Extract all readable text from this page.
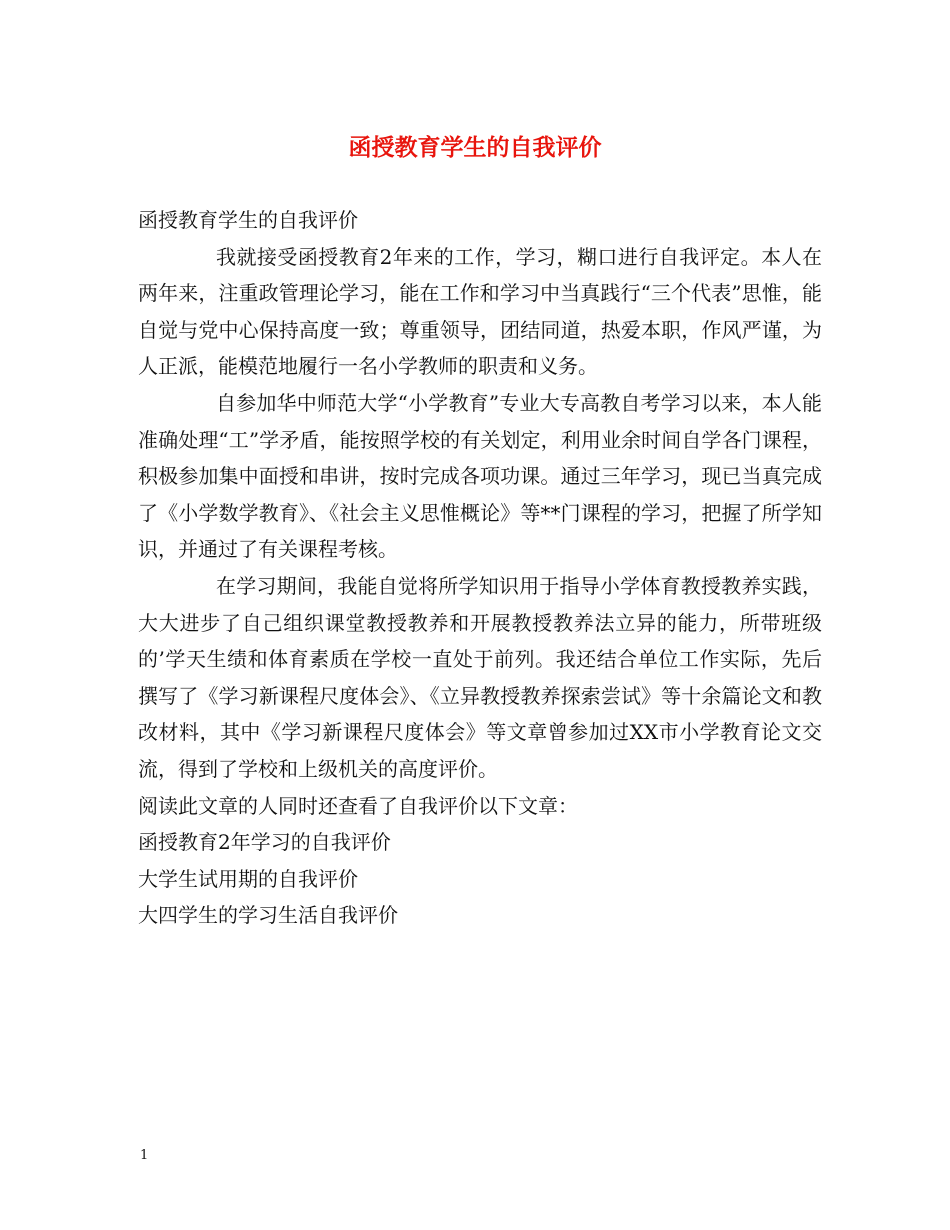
函授教育学生的自我评价

函授教育学生的自我评价

我就接受函授教育2年来的工作，学习，糊口进行自我评定。本人在两年来，注重政管理论学习，能在工作和学习中当真践行“三个代表”思惟，能自觉与党中心保持高度一致；尊重领导，团结同道，热爱本职，作风严谨，为人正派，能模范地履行一名小学教师的职责和义务。

自参加华中师范大学“小学教育”专业大专高教自考学习以来，本人能准确处理“工”学矛盾，能按照学校的有关划定，利用业余时间自学各门课程，积极参加集中面授和串讲，按时完成各项功课。通过三年学习，现已当真完成了《小学数学教育》、《社会主义思惟概论》等**门课程的学习，把握了所学知识，并通过了有关课程考核。

在学习期间，我能自觉将所学知识用于指导小学体育教授教养实践，大大进步了自己组织课堂教授教养和开展教授教养法立异的能力，所带班级的’学天生绩和体育素质在学校一直处于前列。我还结合单位工作实际，先后撰写了《学习新课程尺度体会》、《立异教授教养探索尝试》等十余篇论文和教改材料，其中《学习新课程尺度体会》等文章曾参加过XX市小学教育论文交流，得到了学校和上级机关的高度评价。

阅读此文章的人同时还查看了自我评价以下文章：

函授教育2年学习的自我评价

大学生试用期的自我评价

大四学生的学习生活自我评价

1
